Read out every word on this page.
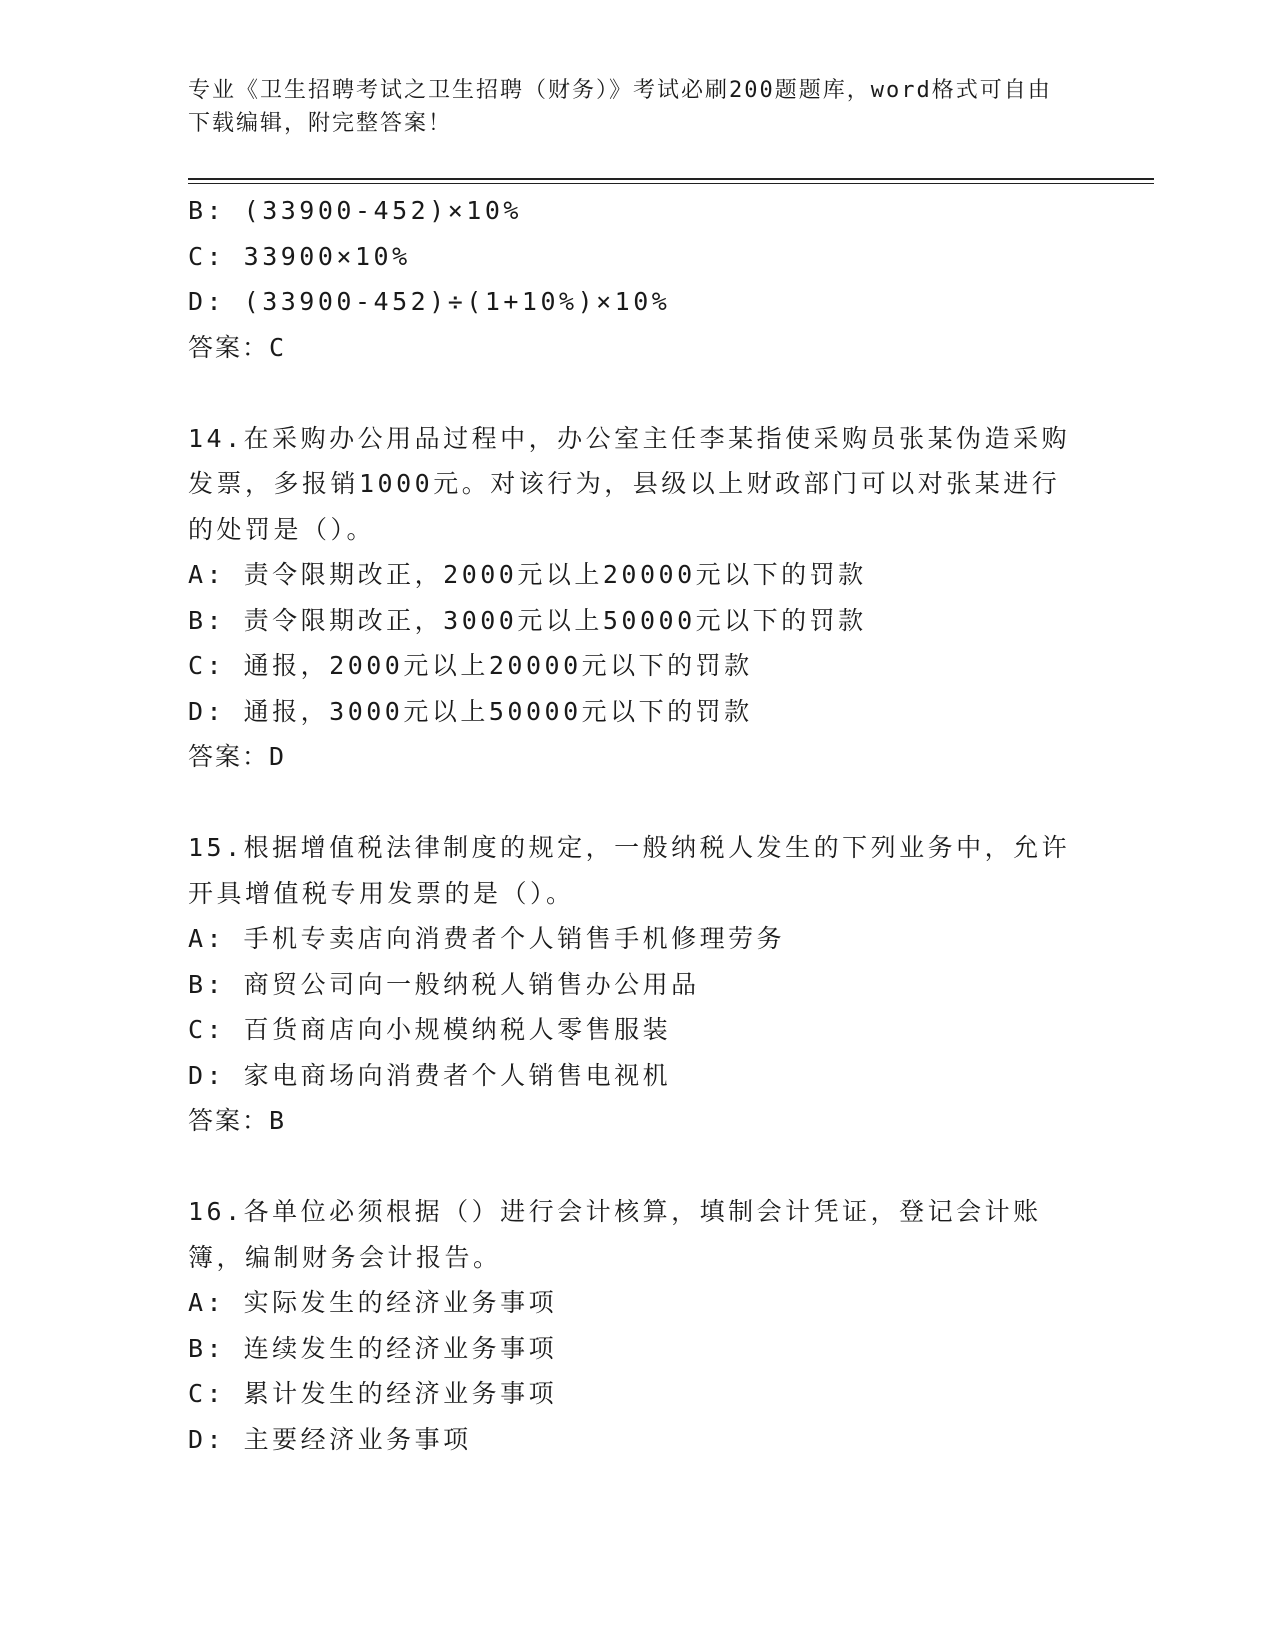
专业《卫生招聘考试之卫生招聘（财务）》考试必刷200题题库，word格式可自由下载编辑，附完整答案！
B: (33900-452)×10%
C: 33900×10%
D: (33900-452)÷(1+10%)×10%
答案：C
14.在采购办公用品过程中，办公室主任李某指使采购员张某伪造采购发票，多报销1000元。对该行为，县级以上财政部门可以对张某进行的处罚是（）。
A: 责令限期改正，2000元以上20000元以下的罚款
B: 责令限期改正，3000元以上50000元以下的罚款
C: 通报，2000元以上20000元以下的罚款
D: 通报，3000元以上50000元以下的罚款
答案：D
15.根据增值税法律制度的规定，一般纳税人发生的下列业务中，允许开具增值税专用发票的是（）。
A: 手机专卖店向消费者个人销售手机修理劳务
B: 商贸公司向一般纳税人销售办公用品
C: 百货商店向小规模纳税人零售服装
D: 家电商场向消费者个人销售电视机
答案：B
16.各单位必须根据（）进行会计核算，填制会计凭证，登记会计账簿，编制财务会计报告。
A: 实际发生的经济业务事项
B: 连续发生的经济业务事项
C: 累计发生的经济业务事项
D: 主要经济业务事项
